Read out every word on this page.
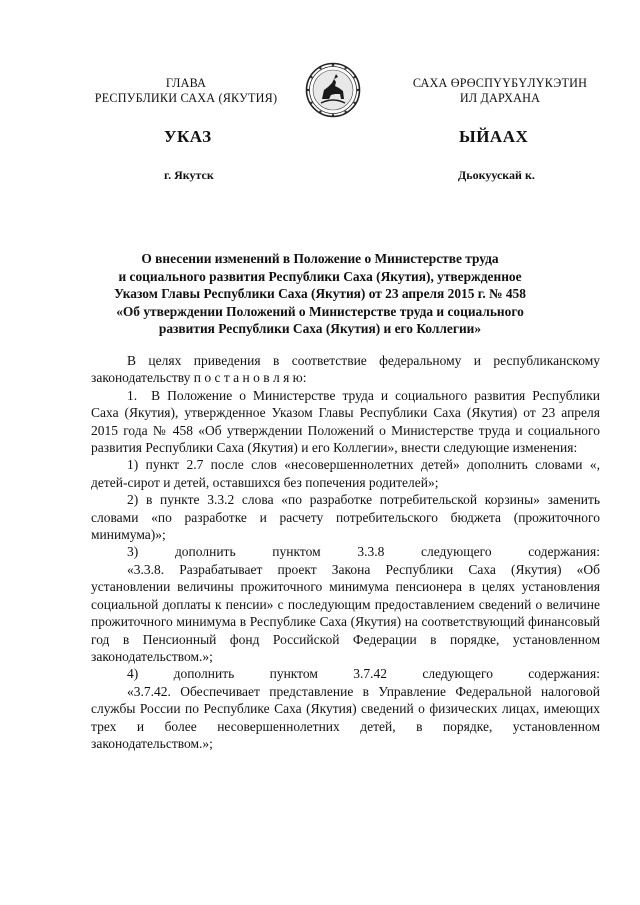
ГЛАВА
РЕСПУБЛИКИ САХА (ЯКУТИЯ)
САХА ӨРӨСПҮҮБҮЛҮКЭТИН
ИЛ ДАРХАНА
УКАЗ	ЫЙААХ
г. Якутск	Дьокуускай к.
О внесении изменений в Положение о Министерстве труда
и социального развития Республики Саха (Якутия), утвержденное
Указом Главы Республики Саха (Якутия) от 23 апреля 2015 г. № 458
«Об утверждении Положений о Министерстве труда и социального
развития Республики Саха (Якутия) и его Коллегии»

В целях приведения в соответствие федеральному и республиканскому законодательству п о с т а н о в л я ю:

1. В Положение о Министерстве труда и социального развития Республики Саха (Якутия), утвержденное Указом Главы Республики Саха (Якутия) от 23 апреля 2015 года № 458 «Об утверждении Положений о Министерстве труда и социального развития Республики Саха (Якутия) и его Коллегии», внести следующие изменения:

1) пункт 2.7 после слов «несовершеннолетних детей» дополнить словами «, детей-сирот и детей, оставшихся без попечения родителей»;

2) в пункте 3.3.2 слова «по разработке потребительской корзины» заменить словами «по разработке и расчету потребительского бюджета (прожиточного минимума)»;

3) дополнить пунктом 3.3.8 следующего содержания:

«3.3.8. Разрабатывает проект Закона Республики Саха (Якутия) «Об установлении величины прожиточного минимума пенсионера в целях установления социальной доплаты к пенсии» с последующим предоставлением сведений о величине прожиточного минимума в Республике Саха (Якутия) на соответствующий финансовый год в Пенсионный фонд Российской Федерации в порядке, установленном законодательством.»;

4) дополнить пунктом 3.7.42 следующего содержания:

«3.7.42. Обеспечивает представление в Управление Федеральной налоговой службы России по Республике Саха (Якутия) сведений о физических лицах, имеющих трех и более несовершеннолетних детей, в порядке, установленном законодательством.»;
